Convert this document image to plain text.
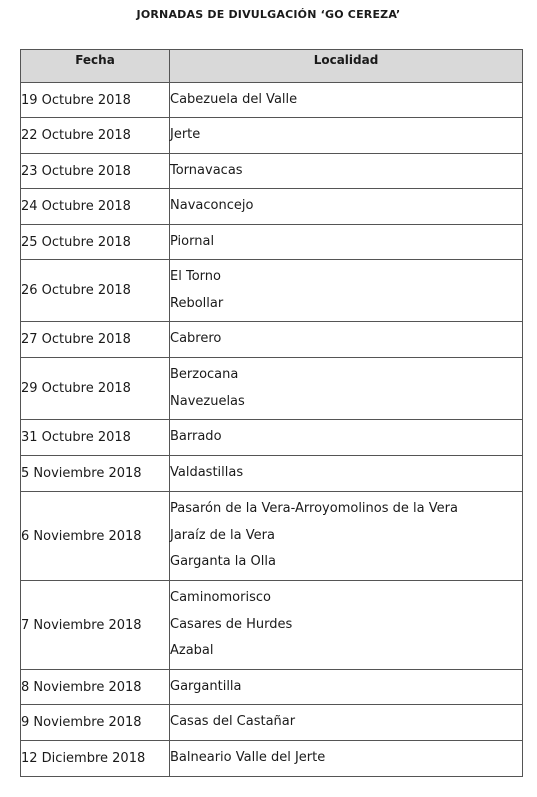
JORNADAS DE DIVULGACIÓN ‘GO CEREZA’
Fecha	Localidad
19 Octubre 2018	Cabezuela del Valle

22 Octubre 2018	Jerte

23 Octubre 2018	Tornavacas

24 Octubre 2018	Navaconcejo

25 Octubre 2018	Piornal

26 Octubre 2018	El Torno
Rebollar

27 Octubre 2018	Cabrero

29 Octubre 2018	Berzocana
Navezuelas

31 Octubre 2018	Barrado

5 Noviembre 2018	Valdastillas

6 Noviembre 2018	Pasarón de la Vera-Arroyomolinos de la Vera
Jaraíz de la Vera
Garganta la Olla

7 Noviembre 2018	Caminomorisco
Casares de Hurdes
Azabal

8 Noviembre 2018	Gargantilla

9 Noviembre 2018	Casas del Castañar

12 Diciembre 2018	Balneario Valle del Jerte
